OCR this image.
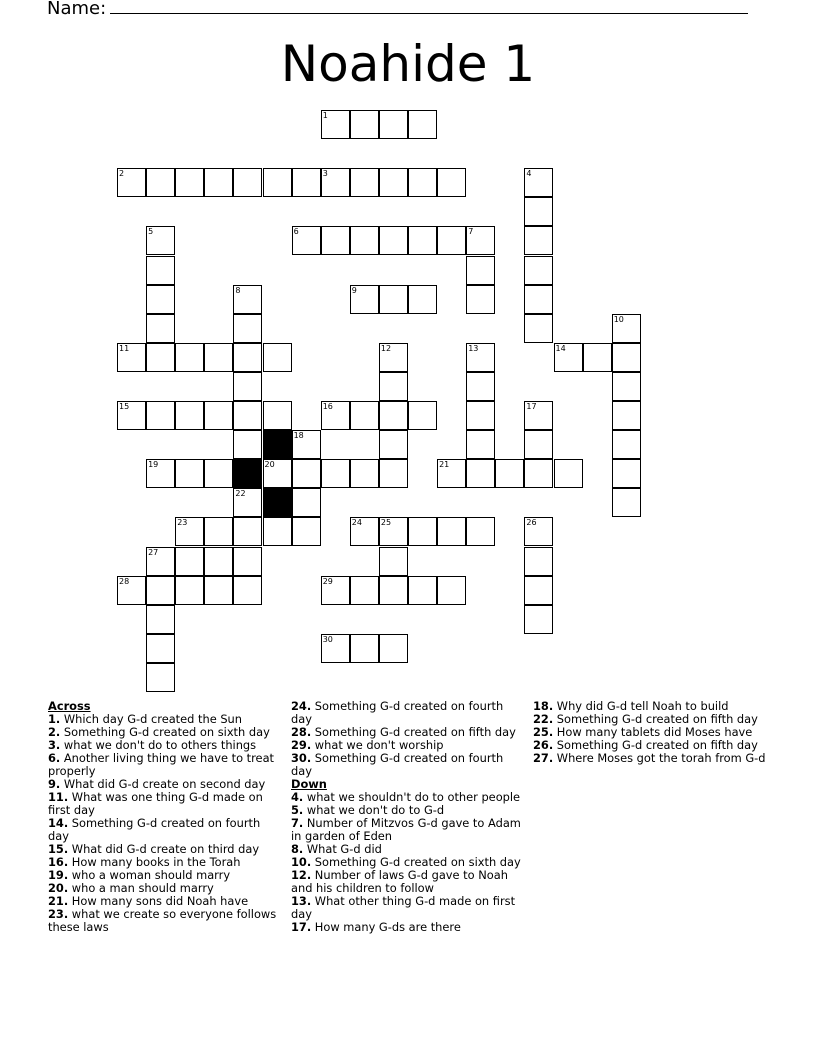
Name:
Noahide 1
1
2	3	4
5	6	7
8	9
10
11	12	13	14
15	16	17
18
19	20	21
22
23	24 25	26
27
28	29
30
Across
1. Which day G-d created the Sun
2. Something G-d created on sixth day
3. what we don't do to others things
6. Another living thing we have to treat properly
9. What did G-d create on second day
11. What was one thing G-d made on first day
14. Something G-d created on fourth day
15. What did G-d create on third day
16. How many books in the Torah
19. who a woman should marry
20. who a man should marry
21. How many sons did Noah have
23. what we create so everyone follows these laws
24. Something G-d created on fourth day
28. Something G-d created on fifth day
29. what we don't worship
30. Something G-d created on fourth day
Down
4. what we shouldn't do to other people
5. what we don't do to G-d
7. Number of Mitzvos G-d gave to Adam in garden of Eden
8. What G-d did
10. Something G-d created on sixth day
12. Number of laws G-d gave to Noah and his children to follow
13. What other thing G-d made on first day
17. How many G-ds are there
18. Why did G-d tell Noah to build
22. Something G-d created on fifth day
25. How many tablets did Moses have
26. Something G-d created on fifth day
27. Where Moses got the torah from G-d
